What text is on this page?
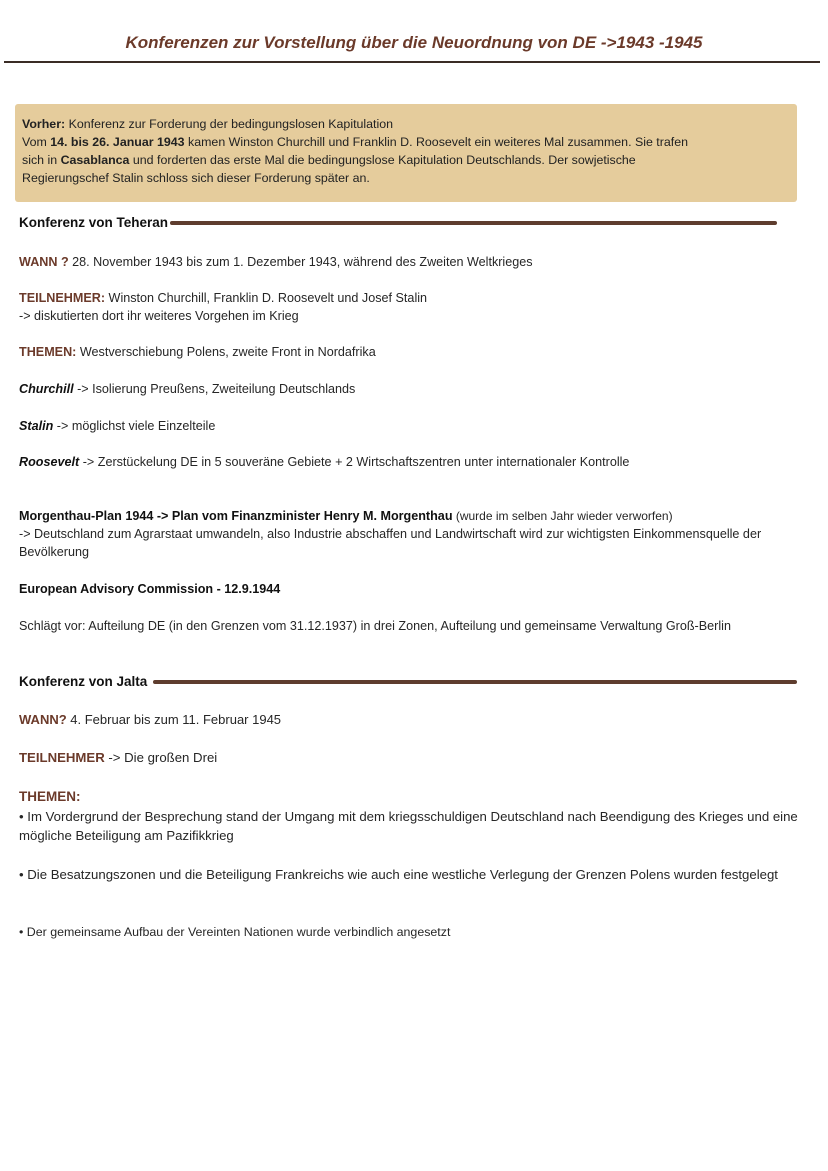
Konferenzen zur Vorstellung über die Neuordnung von DE ->1943 -1945
Vorher: Konferenz zur Forderung der bedingungslosen Kapitulation
Vom 14. bis 26. Januar 1943 kamen Winston Churchill und Franklin D. Roosevelt ein weiteres Mal zusammen. Sie trafen
sich in Casablanca und forderten das erste Mal die bedingungslose Kapitulation Deutschlands. Der sowjetische
Regierungschef Stalin schloss sich dieser Forderung später an.
Konferenz von Teheran
WANN ? 28. November 1943 bis zum 1. Dezember 1943, während des Zweiten Weltkrieges
TEILNEHMER: Winston Churchill, Franklin D. Roosevelt und Josef Stalin
-> diskutierten dort ihr weiteres Vorgehen im Krieg
THEMEN: Westverschiebung Polens, zweite Front in Nordafrika
Churchill -> Isolierung Preußens, Zweiteilung Deutschlands
Stalin -> möglichst viele Einzelteile
Roosevelt -> Zerstückelung DE in 5 souveräne Gebiete + 2 Wirtschaftszentren unter internationaler Kontrolle
Morgenthau-Plan 1944 -> Plan vom Finanzminister Henry M. Morgenthau (wurde im selben Jahr wieder verworfen)
-> Deutschland zum Agrarstaat umwandeln, also Industrie abschaffen und Landwirtschaft wird zur wichtigsten Einkommensquelle der Bevölkerung
European Advisory Commission - 12.9.1944
Schlägt vor: Aufteilung DE (in den Grenzen vom 31.12.1937) in drei Zonen, Aufteilung und gemeinsame Verwaltung Groß-Berlin
Konferenz von Jalta
WANN? 4. Februar bis zum 11. Februar 1945
TEILNEHMER -> Die großen Drei
THEMEN:
• Im Vordergrund der Besprechung stand der Umgang mit dem kriegsschuldigen Deutschland nach Beendigung des Krieges und eine mögliche Beteiligung am Pazifikkrieg
• Die Besatzungszonen und die Beteiligung Frankreichs wie auch eine westliche Verlegung der Grenzen Polens wurden festgelegt
• Der gemeinsame Aufbau der Vereinten Nationen wurde verbindlich angesetzt
